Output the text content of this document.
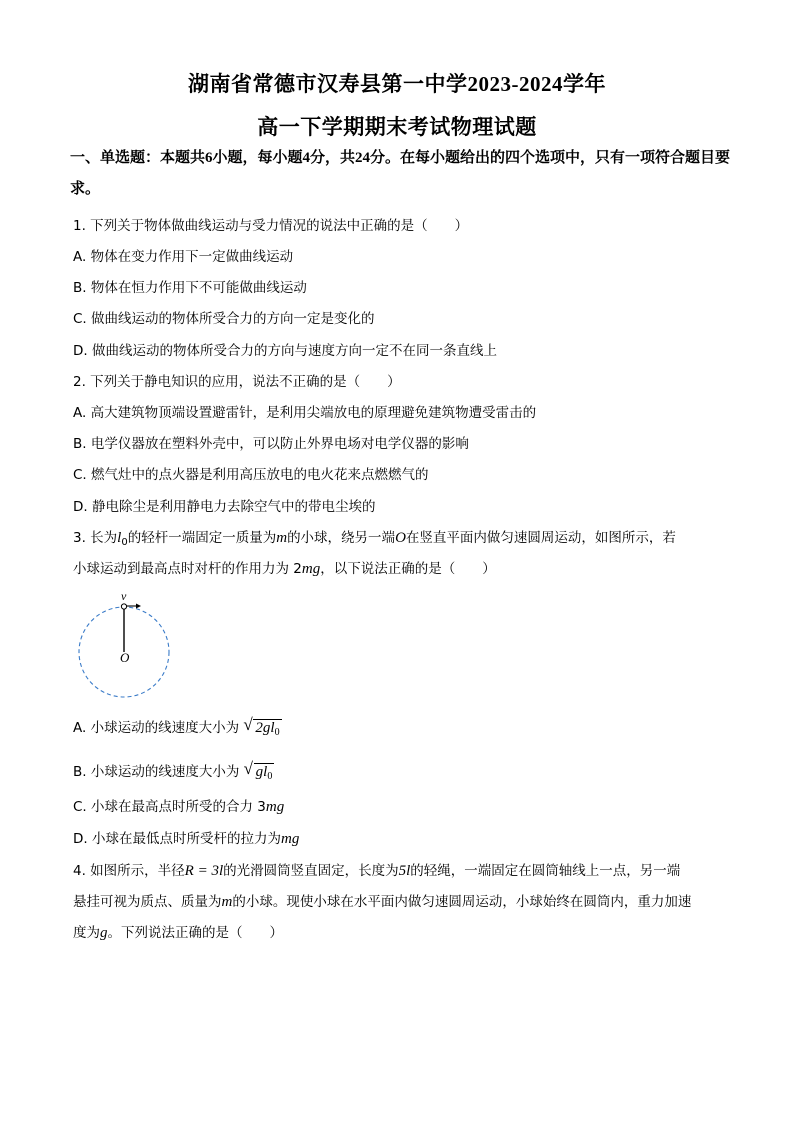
湖南省常德市汉寿县第一中学2023-2024学年
高一下学期期末考试物理试题
一、单选题：本题共6小题，每小题4分，共24分。在每小题给出的四个选项中，只有一项符合题目要求。
1. 下列关于物体做曲线运动与受力情况的说法中正确的是（　　）
A. 物体在变力作用下一定做曲线运动
B. 物体在恒力作用下不可能做曲线运动
C. 做曲线运动的物体所受合力的方向一定是变化的
D. 做曲线运动的物体所受合力的方向与速度方向一定不在同一条直线上
2. 下列关于静电知识的应用，说法不正确的是（　　）
A. 高大建筑物顶端设置避雷针，是利用尖端放电的原理避免建筑物遭受雷击的
B. 电学仪器放在塑料外壳中，可以防止外界电场对电学仪器的影响
C. 燃气灶中的点火器是利用高压放电的电火花来点燃燃气的
D. 静电除尘是利用静电力去除空气中的带电尘埃的
3. 长为$l_0$的轻杆一端固定一质量为m的小球，绕另一端O在竖直平面内做匀速圆周运动，如图所示，若
小球运动到最高点时对杆的作用力为 2mg，以下说法正确的是（　　）
v
O
A. 小球运动的线速度大小为 √ $2gl_0$
B. 小球运动的线速度大小为 √ $gl_0$
C. 小球在最高点时所受的合力 3mg
D. 小球在最低点时所受杆的拉力为mg
4. 如图所示，半径R = 3l的光滑圆筒竖直固定，长度为5l的轻绳，一端固定在圆筒轴线上一点，另一端
悬挂可视为质点、质量为m的小球。现使小球在水平面内做匀速圆周运动，小球始终在圆筒内，重力加速
度为g。下列说法正确的是（　　）
